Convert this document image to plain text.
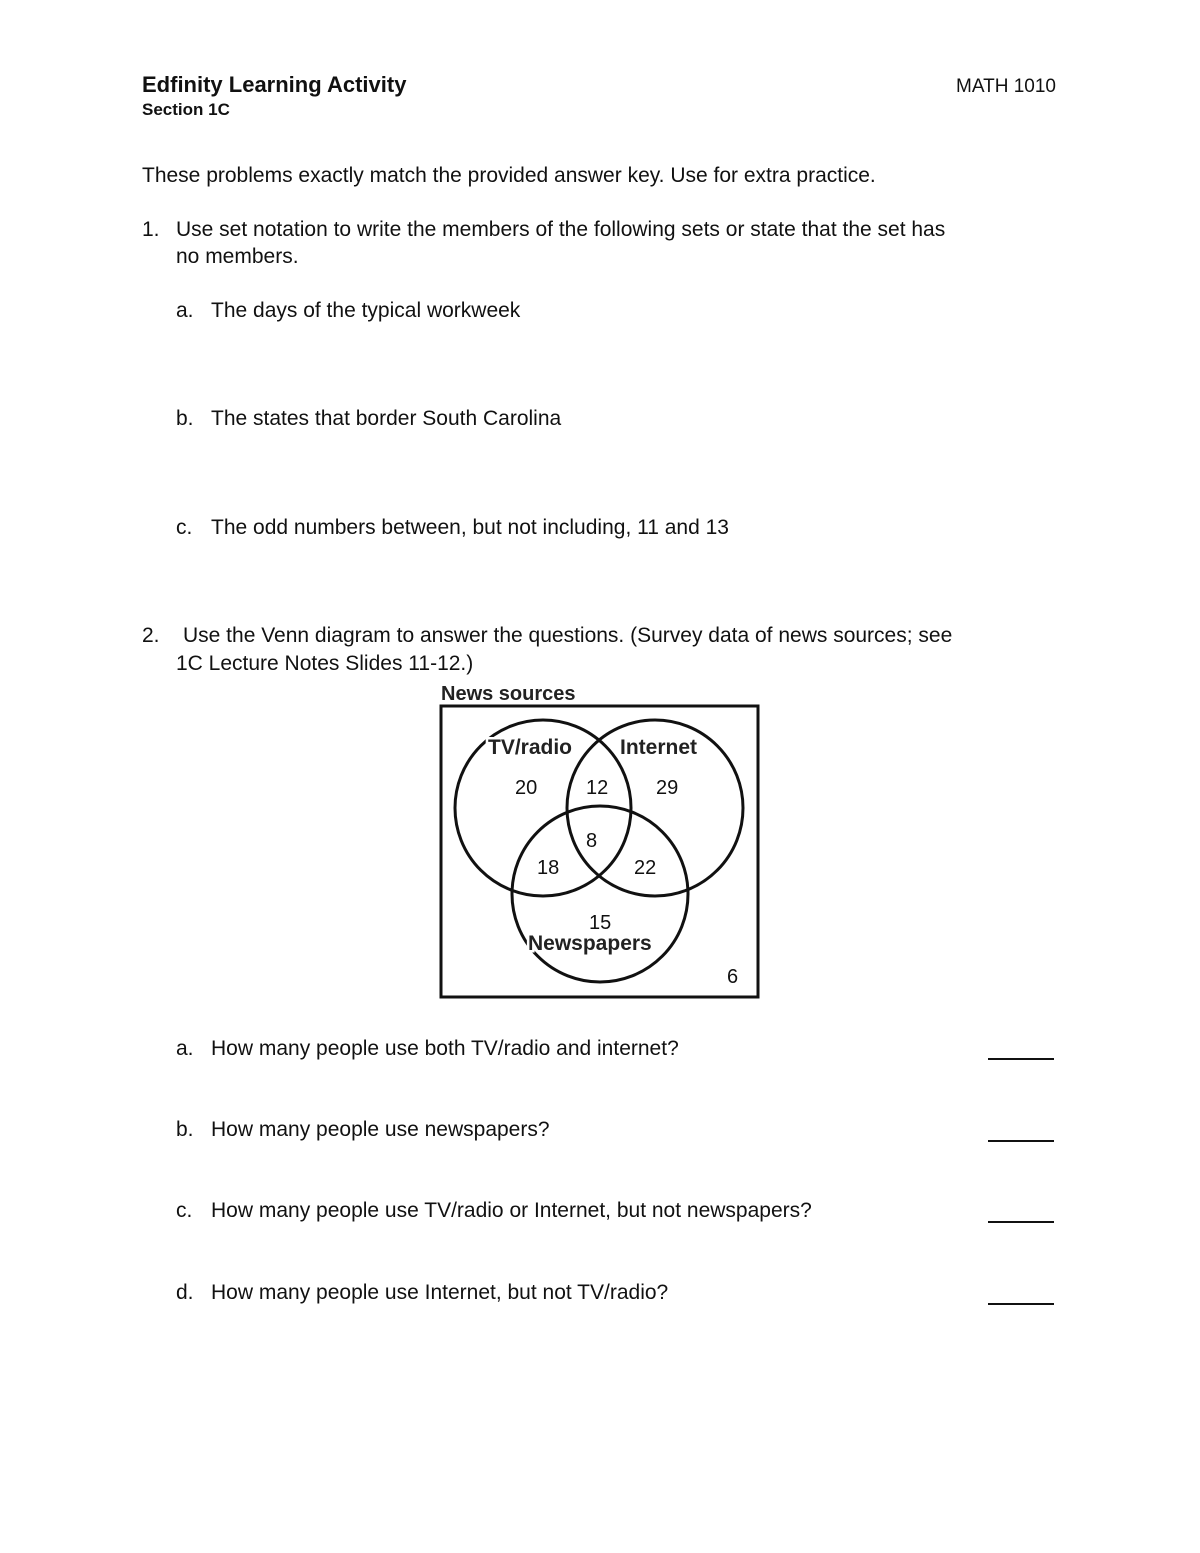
Edfinity Learning Activity
Section 1C
MATH 1010
These problems exactly match the provided answer key. Use for extra practice.
1. Use set notation to write the members of the following sets or state that the set has
no members.
a. The days of the typical workweek
b. The states that border South Carolina
c. The odd numbers between, but not including, 11 and 13
2. Use the Venn diagram to answer the questions. (Survey data of news sources; see
1C Lecture Notes Slides 11-12.)
News sources
TV/radio Internet
Newspapers
20 12 29
8
18	22
15
6
a. How many people use both TV/radio and internet?
b. How many people use newspapers?
c. How many people use TV/radio or Internet, but not newspapers?
d. How many people use Internet, but not TV/radio?
